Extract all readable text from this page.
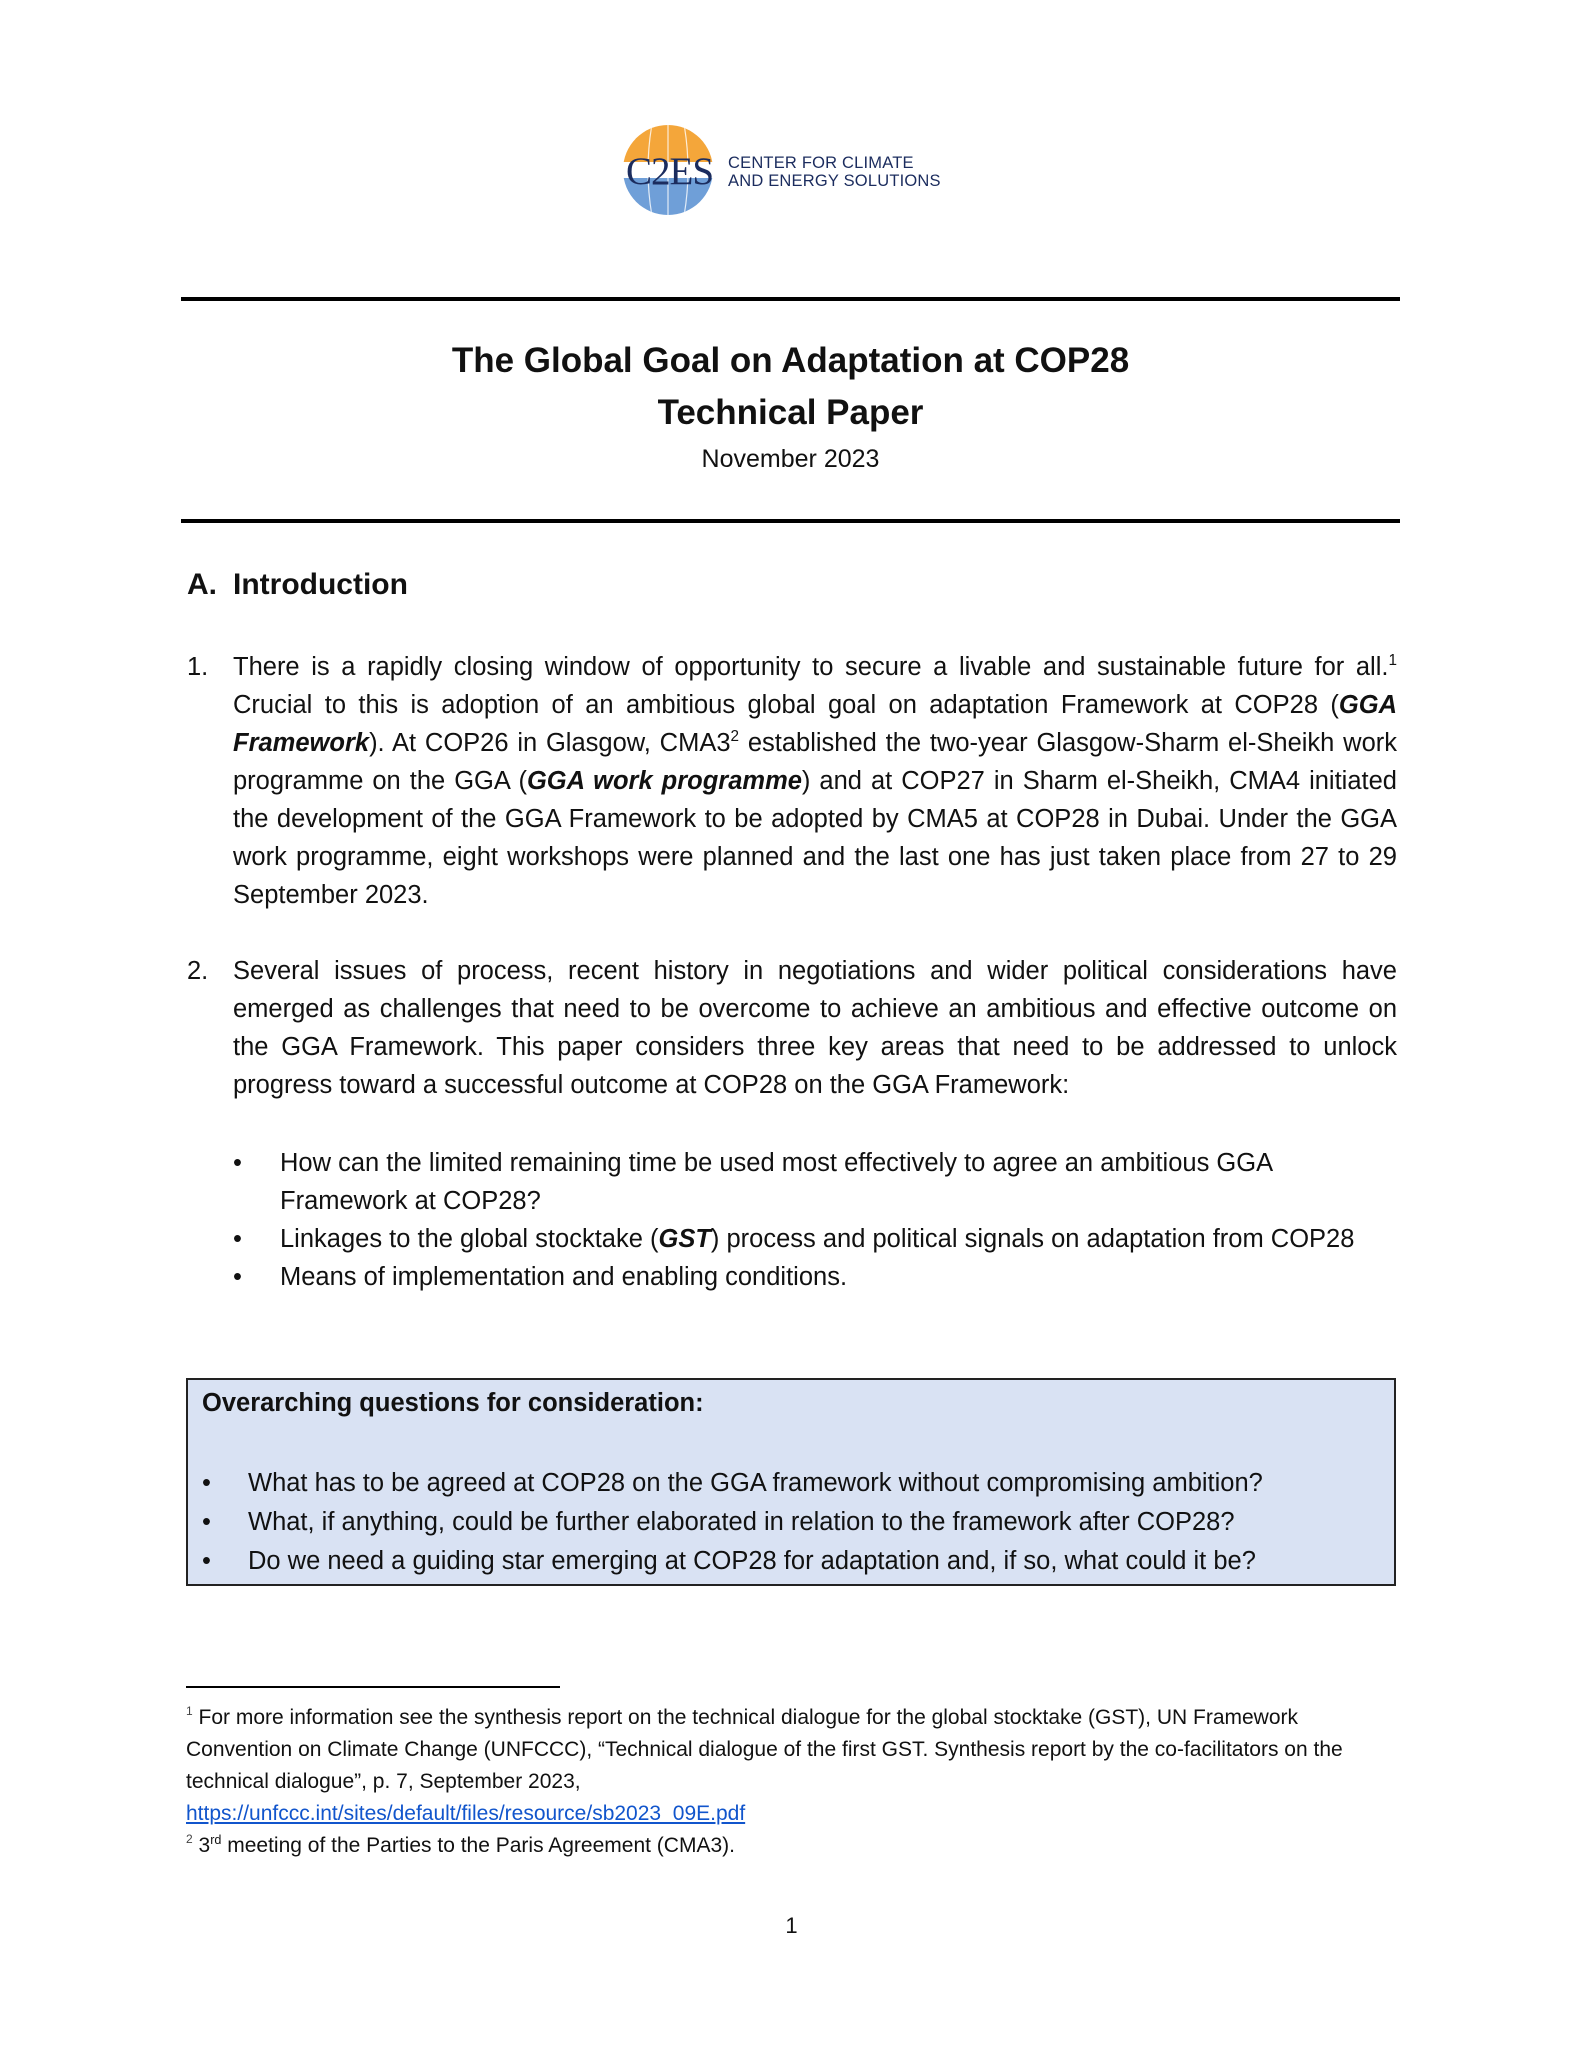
C2ES CENTER FOR CLIMATE
AND ENERGY SOLUTIONS
The Global Goal on Adaptation at COP28
Technical Paper
November 2023
A. Introduction
1. There is a rapidly closing window of opportunity to secure a livable and sustainable future for all.$^1$ Crucial to this is adoption of an ambitious global goal on adaptation Framework at COP28 (GGA Framework). At COP26 in Glasgow, $CMA3^2$ established the two-year Glasgow-Sharm el-Sheikh work programme on the GGA (GGA work programme) and at COP27 in Sharm el-Sheikh, CMA4 initiated the development of the GGA Framework to be adopted by CMA5 at COP28 in Dubai. Under the GGA work programme, eight workshops were planned and the last one has just taken place from 27 to 29 September 2023.
2. Several issues of process, recent history in negotiations and wider political considerations have emerged as challenges that need to be overcome to achieve an ambitious and effective outcome on the GGA Framework. This paper considers three key areas that need to be addressed to unlock progress toward a successful outcome at COP28 on the GGA Framework:
• How can the limited remaining time be used most effectively to agree an ambitious GGA Framework at COP28?
• Linkages to the global stocktake (GST) process and political signals on adaptation from COP28
• Means of implementation and enabling conditions.
Overarching questions for consideration:
• What has to be agreed at COP28 on the GGA framework without compromising ambition?
• What, if anything, could be further elaborated in relation to the framework after COP28?
• Do we need a guiding star emerging at COP28 for adaptation and, if so, what could it be?

$^1$ For more information see the synthesis report on the technical dialogue for the global stocktake (GST), UN Framework Convention on Climate Change (UNFCCC), “Technical dialogue of the first GST. Synthesis report by the co-facilitators on the technical dialogue”, p. 7, September 2023,
https://unfccc.int/sites/default/files/resource/sb2023_09E.pdf

$^2$ 3rd meeting of the Parties to the Paris Agreement (CMA3).

1
